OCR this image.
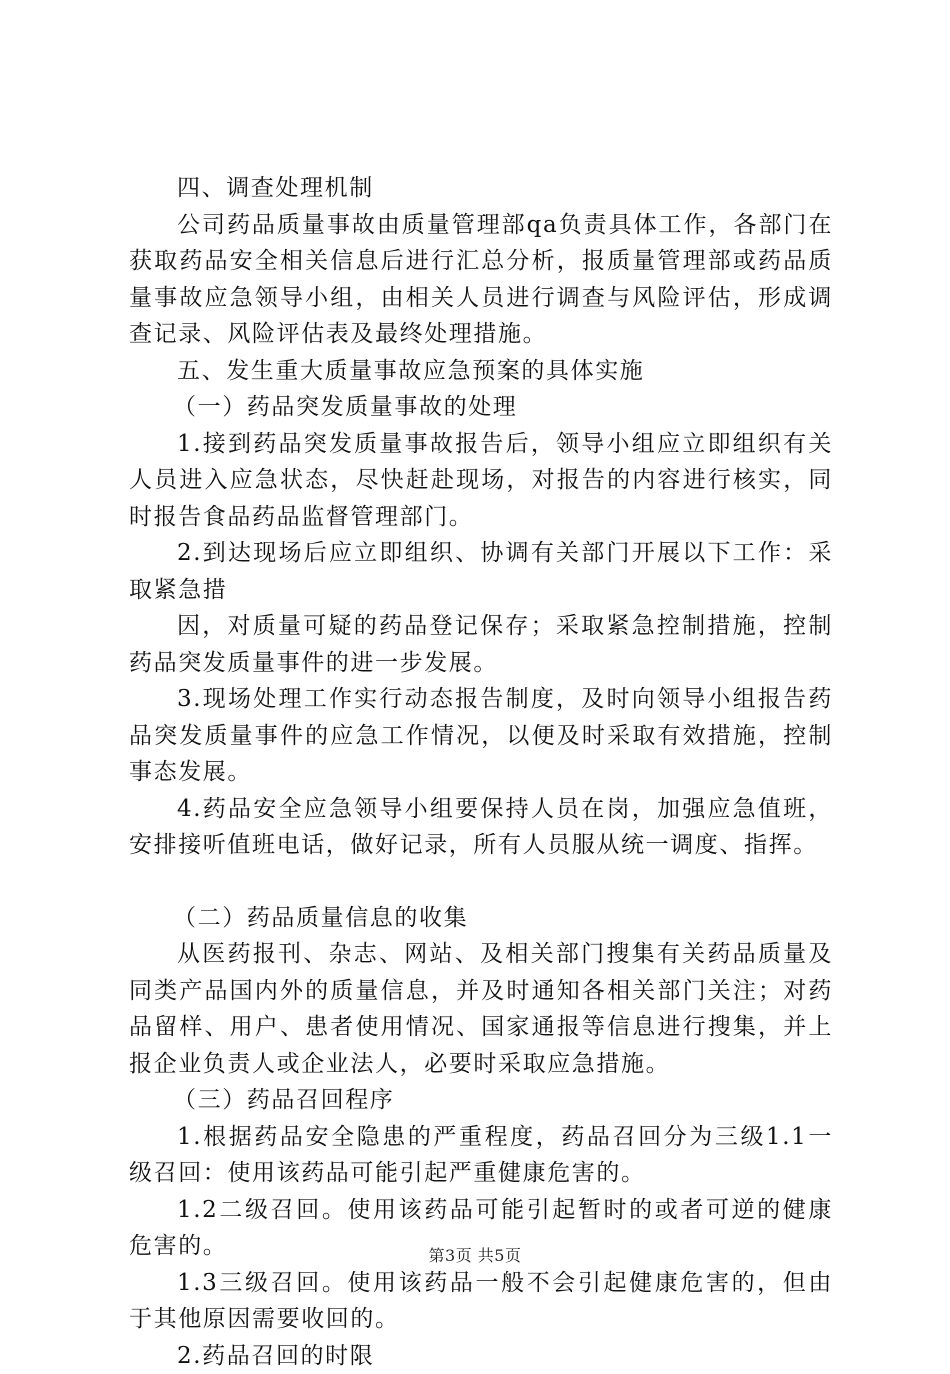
四、调查处理机制

公司药品质量事故由质量管理部qa负责具体工作，各部门在获取药品安全相关信息后进行汇总分析，报质量管理部或药品质量事故应急领导小组，由相关人员进行调查与风险评估，形成调查记录、风险评估表及最终处理措施。

五、发生重大质量事故应急预案的具体实施

（一）药品突发质量事故的处理

1.接到药品突发质量事故报告后，领导小组应立即组织有关人员进入应急状态，尽快赶赴现场，对报告的内容进行核实，同时报告食品药品监督管理部门。

2.到达现场后应立即组织、协调有关部门开展以下工作：采取紧急措

因，对质量可疑的药品登记保存；采取紧急控制措施，控制药品突发质量事件的进一步发展。

3.现场处理工作实行动态报告制度，及时向领导小组报告药品突发质量事件的应急工作情况，以便及时采取有效措施，控制事态发展。

4.药品安全应急领导小组要保持人员在岗，加强应急值班，安排接听值班电话，做好记录，所有人员服从统一调度、指挥。

（二）药品质量信息的收集

从医药报刊、杂志、网站、及相关部门搜集有关药品质量及同类产品国内外的质量信息，并及时通知各相关部门关注；对药品留样、用户、患者使用情况、国家通报等信息进行搜集，并上报企业负责人或企业法人，必要时采取应急措施。

（三）药品召回程序

1.根据药品安全隐患的严重程度，药品召回分为三级1.1一级召回：使用该药品可能引起严重健康危害的。

1.2二级召回。使用该药品可能引起暂时的或者可逆的健康危害的。

1.3三级召回。使用该药品一般不会引起健康危害的，但由于其他原因需要收回的。

2.药品召回的时限

第3页 共5页
